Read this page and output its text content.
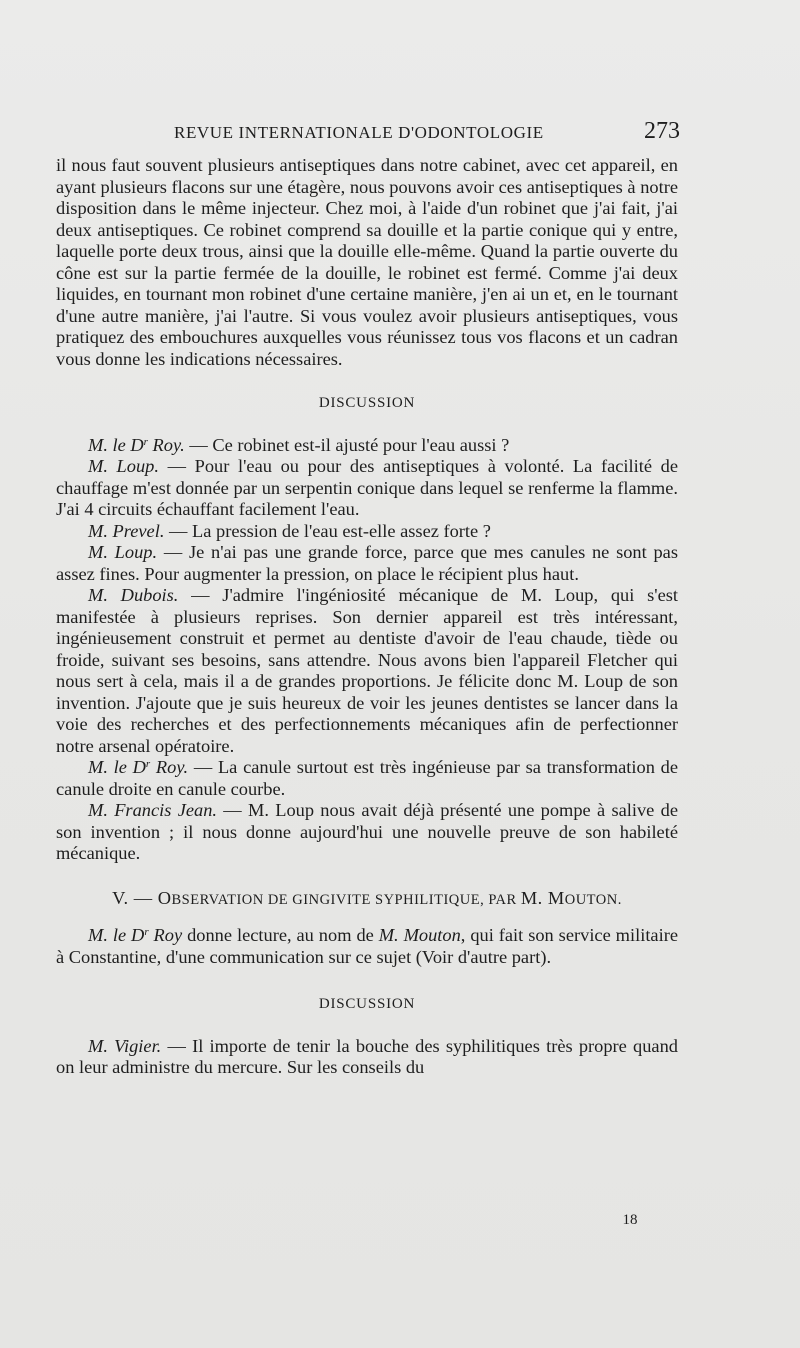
REVUE INTERNATIONALE D'ODONTOLOGIE	273

il nous faut souvent plusieurs antiseptiques dans notre cabinet, avec cet appareil, en ayant plusieurs flacons sur une étagère, nous pouvons avoir ces antiseptiques à notre disposition dans le même injecteur. Chez moi, à l'aide d'un robinet que j'ai fait, j'ai deux antiseptiques. Ce robinet comprend sa douille et la partie conique qui y entre, laquelle porte deux trous, ainsi que la douille elle-même. Quand la partie ouverte du cône est sur la partie fermée de la douille, le robinet est fermé. Comme j'ai deux liquides, en tournant mon robinet d'une certaine manière, j'en ai un et, en le tournant d'une autre manière, j'ai l'autre. Si vous voulez avoir plusieurs antiseptiques, vous pratiquez des embouchures auxquelles vous réunissez tous vos flacons et un cadran vous donne les indications nécessaires.

DISCUSSION

M. le $D^r$ Roy. — Ce robinet est-il ajusté pour l'eau aussi ?

M. Loup. — Pour l'eau ou pour des antiseptiques à volonté. La facilité de chauffage m'est donnée par un serpentin conique dans lequel se renferme la flamme. J'ai 4 circuits échauffant facilement l'eau.

M. Prevel. — La pression de l'eau est-elle assez forte ?

M. Loup. — Je n'ai pas une grande force, parce que mes canules ne sont pas assez fines. Pour augmenter la pression, on place le récipient plus haut.

M. Dubois. — J'admire l'ingéniosité mécanique de M. Loup, qui s'est manifestée à plusieurs reprises. Son dernier appareil est très intéressant, ingénieusement construit et permet au dentiste d'avoir de l'eau chaude, tiède ou froide, suivant ses besoins, sans attendre. Nous avons bien l'appareil Fletcher qui nous sert à cela, mais il a de grandes proportions. Je félicite donc M. Loup de son invention. J'ajoute que je suis heureux de voir les jeunes dentistes se lancer dans la voie des recherches et des perfectionnements mécaniques afin de perfectionner notre arsenal opératoire.

M. le $D^r$ Roy. — La canule surtout est très ingénieuse par sa transformation de canule droite en canule courbe.

M. Francis Jean. — M. Loup nous avait déjà présenté une pompe à salive de son invention ; il nous donne aujourd'hui une nouvelle preuve de son habileté mécanique.

V. — OBSERVATION DE GINGIVITE SYPHILITIQUE, PAR M. MOUTON.

M. le $D^r$ Roy donne lecture, au nom de M. Mouton, qui fait son service militaire à Constantine, d'une communication sur ce sujet (Voir d'autre part).

DISCUSSION

M. Vigier. — Il importe de tenir la bouche des syphilitiques très propre quand on leur administre du mercure. Sur les conseils du

18
